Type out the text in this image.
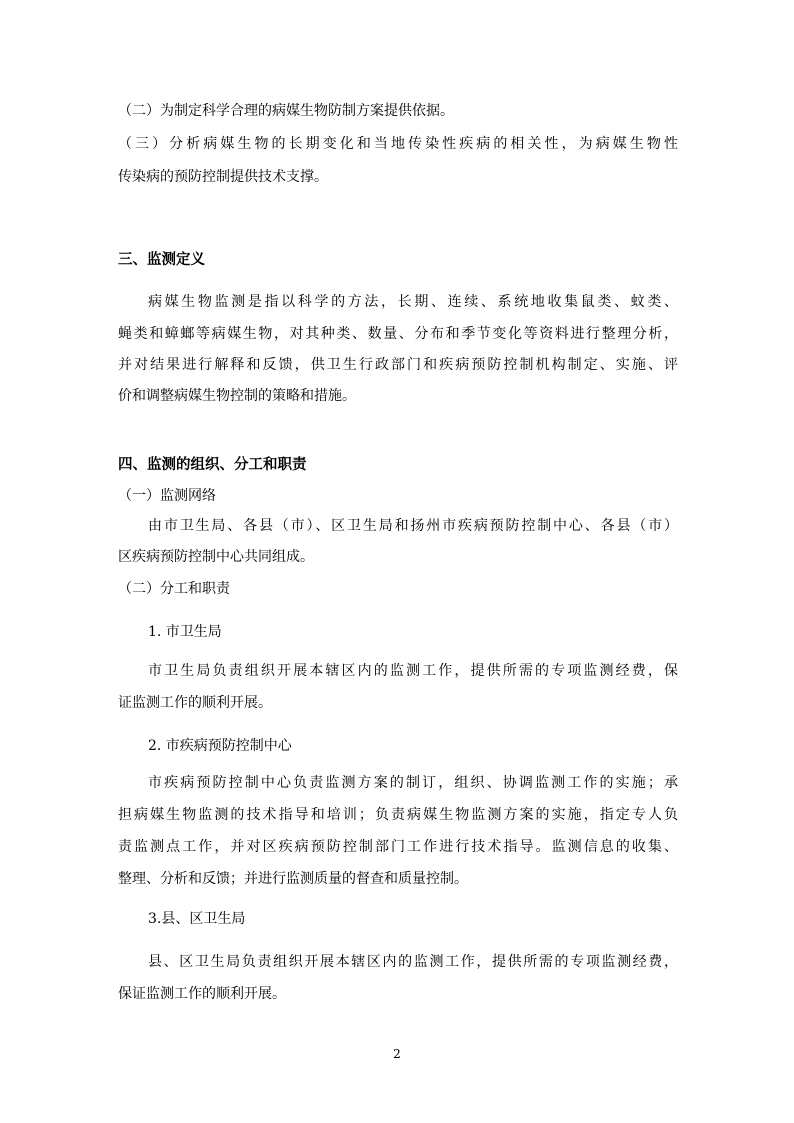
（二）为制定科学合理的病媒生物防制方案提供依据。
（三）分析病媒生物的长期变化和当地传染性疾病的相关性，为病媒生物性
传染病的预防控制提供技术支撑。
三、监测定义
病媒生物监测是指以科学的方法，长期、连续、系统地收集鼠类、蚊类、
蝇类和蟑螂等病媒生物，对其种类、数量、分布和季节变化等资料进行整理分析，
并对结果进行解释和反馈，供卫生行政部门和疾病预防控制机构制定、实施、评
价和调整病媒生物控制的策略和措施。
四、监测的组织、分工和职责
（一）监测网络
由市卫生局、各县（市）、区卫生局和扬州市疾病预防控制中心、各县（市）
区疾病预防控制中心共同组成。
（二）分工和职责
1. 市卫生局
市卫生局负责组织开展本辖区内的监测工作，提供所需的专项监测经费，保
证监测工作的顺利开展。
2. 市疾病预防控制中心
市疾病预防控制中心负责监测方案的制订，组织、协调监测工作的实施；承
担病媒生物监测的技术指导和培训；负责病媒生物监测方案的实施，指定专人负
责监测点工作，并对区疾病预防控制部门工作进行技术指导。监测信息的收集、
整理、分析和反馈；并进行监测质量的督查和质量控制。
3.县、区卫生局
县、区卫生局负责组织开展本辖区内的监测工作，提供所需的专项监测经费，
保证监测工作的顺利开展。
2
